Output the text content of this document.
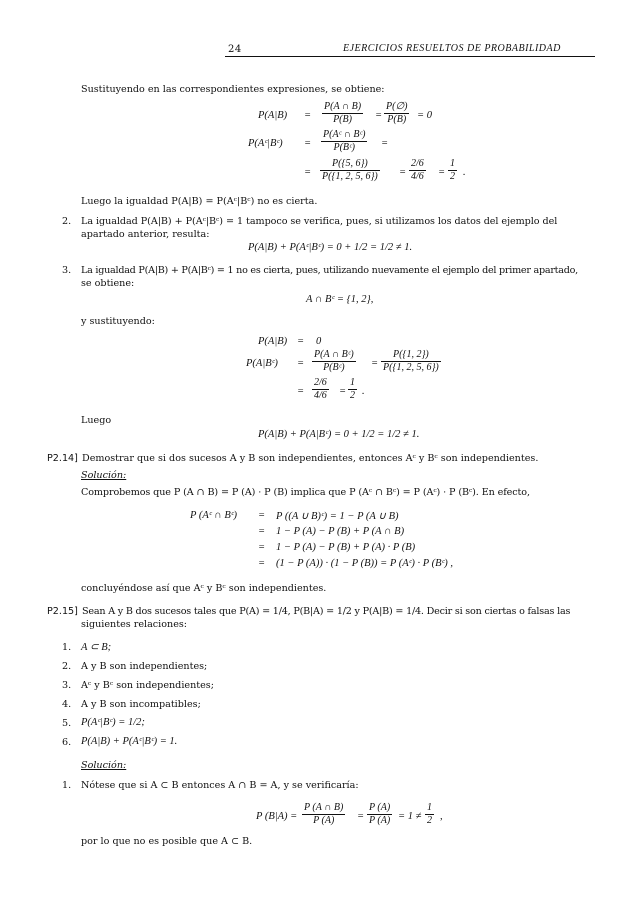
24	EJERCICIOS RESUELTOS DE PROBABILIDAD
Sustituyendo en las correspondientes expresiones, se obtiene:
$P(A|B) = \frac{P(A \cap B)}{P(B)} = \frac{P(\emptyset)}{P(B)} = 0$
P(Aᶜ|Bᶜ) = $\frac{\text{P(Aᶜ ∩ Bᶜ)}}{\text{P(Bᶜ)}}$ =
= $\frac{P(\{5, 6\})}{P(\{1, 2, 5, 6\})} = \frac{2/6}{4/6} = \frac{1}{2}$ .
Luego la igualdad P(A|B) = P(Aᶜ|Bᶜ) no es cierta.
2. La igualdad P(A|B) + P(Aᶜ|Bᶜ) = 1 tampoco se verifica, pues, si utilizamos los datos del ejemplo del
apartado anterior, resulta:
P(A|B) + P(Aᶜ|Bᶜ) = 0 + 1/2 = 1/2 ≠ 1.
3. La igualdad P(A|B) + P(A|Bᶜ) = 1 no es cierta, pues, utilizando nuevamente el ejemplo del primer apartado,
se obtiene:
A ∩ Bᶜ = {1, 2},
y sustituyendo:
P(A|B) = 0
P(A|Bᶜ) = $\frac{\text{P(A ∩ Bᶜ)}}{\text{P(Bᶜ)}} = \frac{P(\{1, 2\})}{P(\{1, 2, 5, 6\})}$
= $\frac{2/6}{4/6} = \frac{1}{2}$ .
Luego
P(A|B) + P(A|Bᶜ) = 0 + 1/2 = 1/2 ≠ 1.
P2.14] Demostrar que si dos sucesos A y B son independientes, entonces Aᶜ y Bᶜ son independientes.
Solución:
Comprobemos que P (A ∩ B) = P (A) · P (B) implica que P (Aᶜ ∩ Bᶜ) = P (Aᶜ) · P (Bᶜ). En efecto,
P (Aᶜ ∩ Bᶜ) = P ((A ∪ B)ᶜ) = 1 − P (A ∪ B)
= 1 − P (A) − P (B) + P (A ∩ B)
= 1 − P (A) − P (B) + P (A) · P (B)
= (1 − P (A)) · (1 − P (B)) = P (Aᶜ) · P (Bᶜ) ,
concluyéndose así que Aᶜ y Bᶜ son independientes.
P2.15] Sean A y B dos sucesos tales que P(A) = 1/4, P(B|A) = 1/2 y P(A|B) = 1/4. Decir si son ciertas o falsas las
siguientes relaciones:
1. A ⊂ B;
2. A y B son independientes;
3. Aᶜ y Bᶜ son independientes;
4. A y B son incompatibles;
5. P(Aᶜ|Bᶜ) = 1/2;
6. P(A|B) + P(Aᶜ|Bᶜ) = 1.
Solución:
1. Nótese que si A ⊂ B entonces A ∩ B = A, y se verificaría:
P $(B|A) = \frac{P (A \cap B)}{P (A)} = \frac{P (A)}{P (A)} = 1 \ne \frac{1}{2}$ ,
por lo que no es posible que A ⊂ B.
